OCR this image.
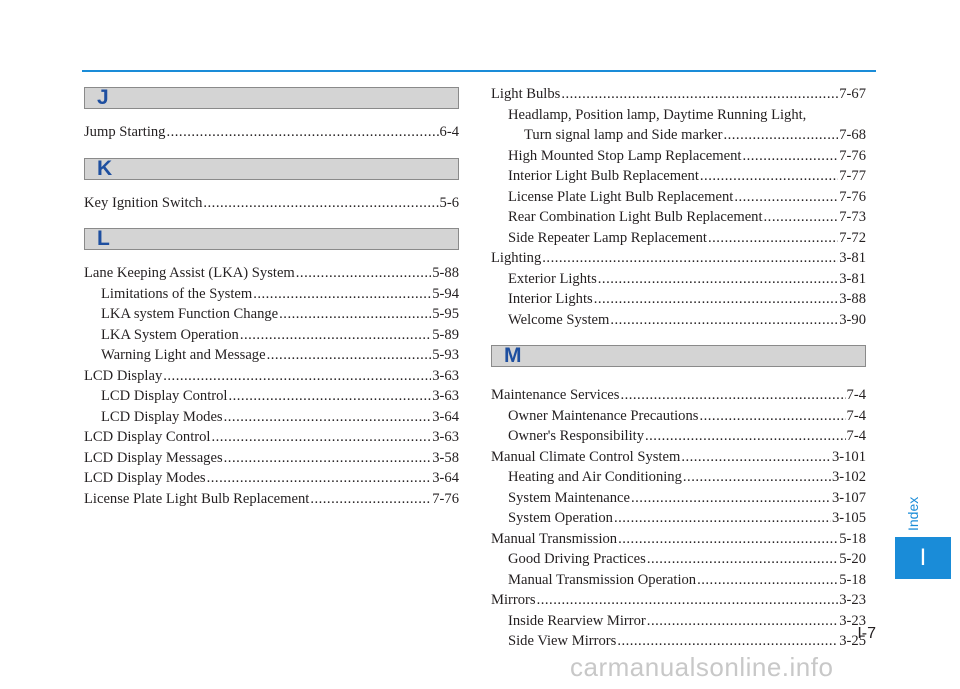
J
Jump Starting .....	6-4
K
Key Ignition Switch .....	5-6
L
Lane Keeping Assist (LKA) System .....	5-88
Limitations of the System .....	5-94
LKA system Function Change .....	5-95
LKA System Operation .....	5-89
Warning Light and Message .....	5-93
LCD Display .....	3-63
LCD Display Control .....	3-63
LCD Display Modes .....	3-64
LCD Display Control .....	3-63
LCD Display Messages .....	3-58
LCD Display Modes .....	3-64
License Plate Light Bulb Replacement .....	7-76
Light Bulbs .....	7-67
Headlamp, Position lamp, Daytime Running Light,
Turn signal lamp and Side marker .....	7-68
High Mounted Stop Lamp Replacement .....	7-76
Interior Light Bulb Replacement .....	7-77
License Plate Light Bulb Replacement .....	7-76
Rear Combination Light Bulb Replacement .....	7-73
Side Repeater Lamp Replacement .....	7-72
Lighting .....	3-81
Exterior Lights .....	3-81
Interior Lights .....	3-88
Welcome System .....	3-90
M
Maintenance Services .....	7-4
Owner Maintenance Precautions .....	7-4
Owner's Responsibility .....	7-4
Manual Climate Control System .....	3-101
Heating and Air Conditioning .....	3-102
System Maintenance .....	3-107
System Operation .....	3-105
Manual Transmission .....	5-18
Good Driving Practices .....	5-20
Manual Transmission Operation .....	5-18
Mirrors .....	3-23
Inside Rearview Mirror .....	3-23
Side View Mirrors .....	3-25
Index
I
I-7
carmanualsonline.info
